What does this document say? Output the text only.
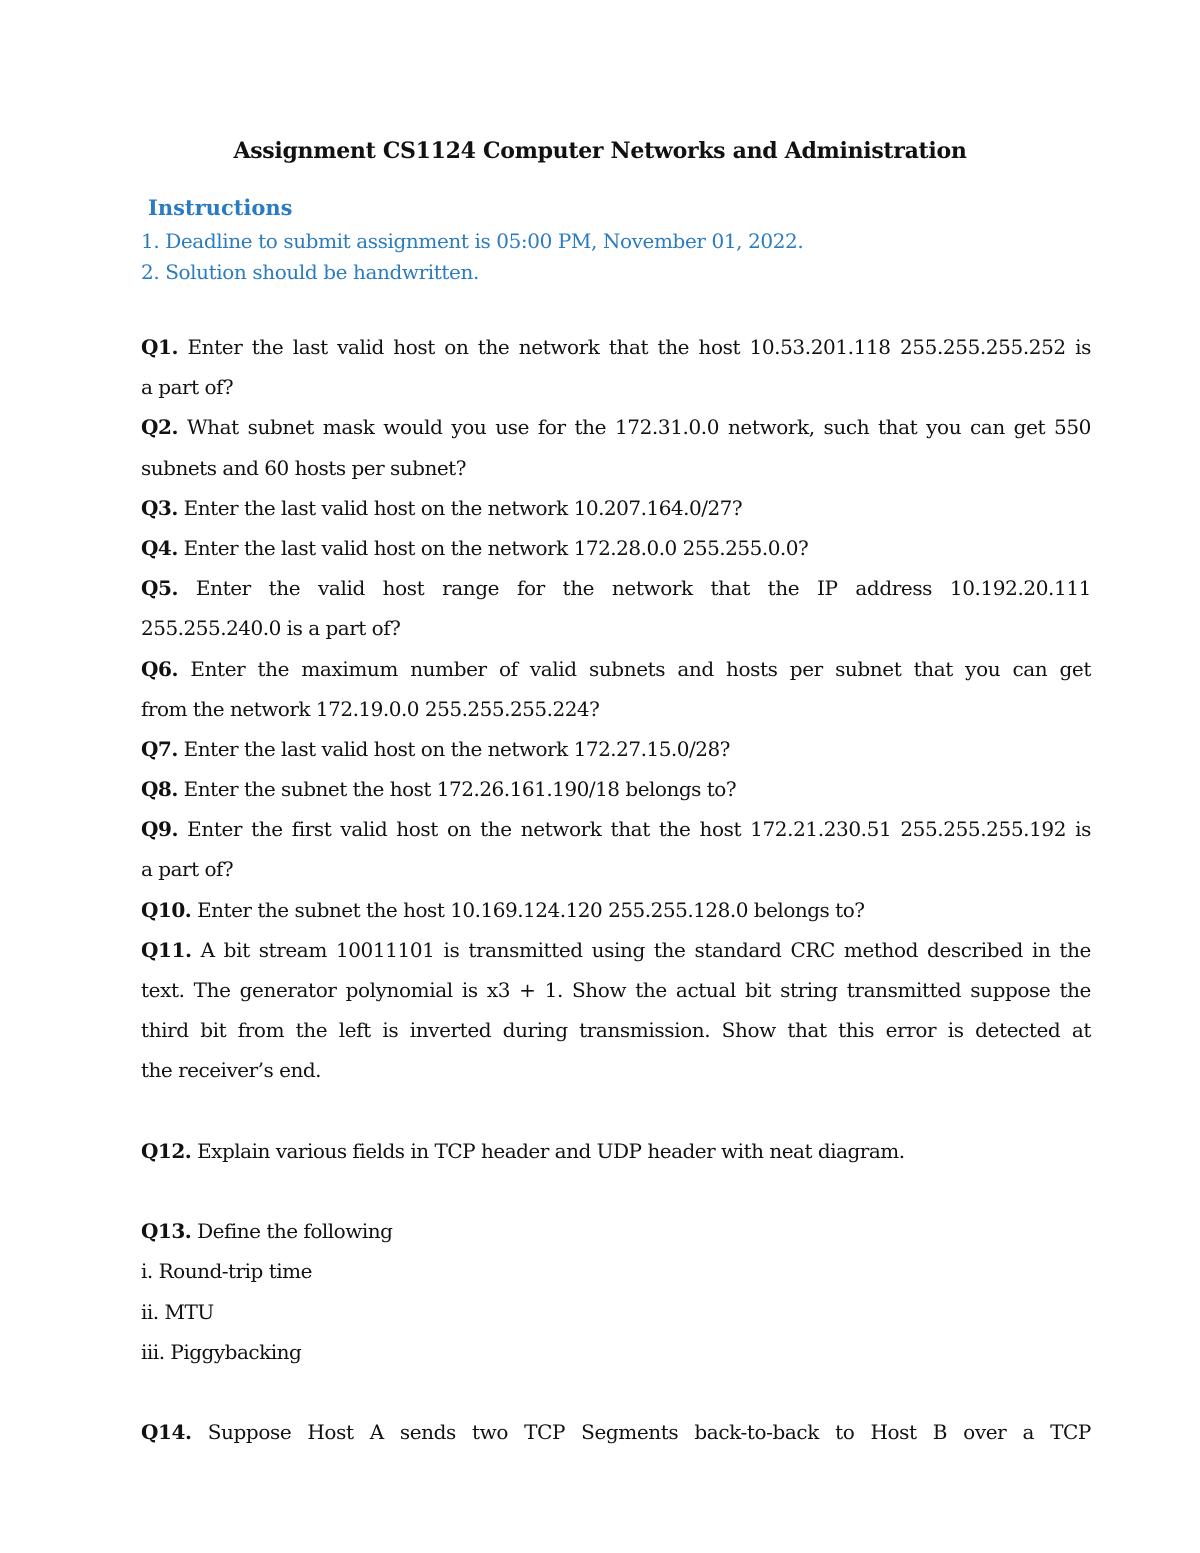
Assignment CS1124 Computer Networks and Administration
Instructions
1. Deadline to submit assignment is 05:00 PM, November 01, 2022.
2. Solution should be handwritten.
Q1. Enter the last valid host on the network that the host 10.53.201.118 255.255.255.252 is
a part of?
Q2. What subnet mask would you use for the 172.31.0.0 network, such that you can get 550
subnets and 60 hosts per subnet?
Q3. Enter the last valid host on the network 10.207.164.0/27?
Q4. Enter the last valid host on the network 172.28.0.0 255.255.0.0?
Q5. Enter the valid host range for the network that the IP address 10.192.20.111
255.255.240.0 is a part of?
Q6. Enter the maximum number of valid subnets and hosts per subnet that you can get
from the network 172.19.0.0 255.255.255.224?
Q7. Enter the last valid host on the network 172.27.15.0/28?
Q8. Enter the subnet the host 172.26.161.190/18 belongs to?
Q9. Enter the first valid host on the network that the host 172.21.230.51 255.255.255.192 is
a part of?
Q10. Enter the subnet the host 10.169.124.120 255.255.128.0 belongs to?
Q11. A bit stream 10011101 is transmitted using the standard CRC method described in the
text. The generator polynomial is x3 + 1. Show the actual bit string transmitted suppose the
third bit from the left is inverted during transmission. Show that this error is detected at
the receiver’s end.
Q12. Explain various fields in TCP header and UDP header with neat diagram.
Q13. Define the following
i. Round-trip time
ii. MTU
iii. Piggybacking
Q14. Suppose Host A sends two TCP Segments back-to-back to Host B over a TCP
